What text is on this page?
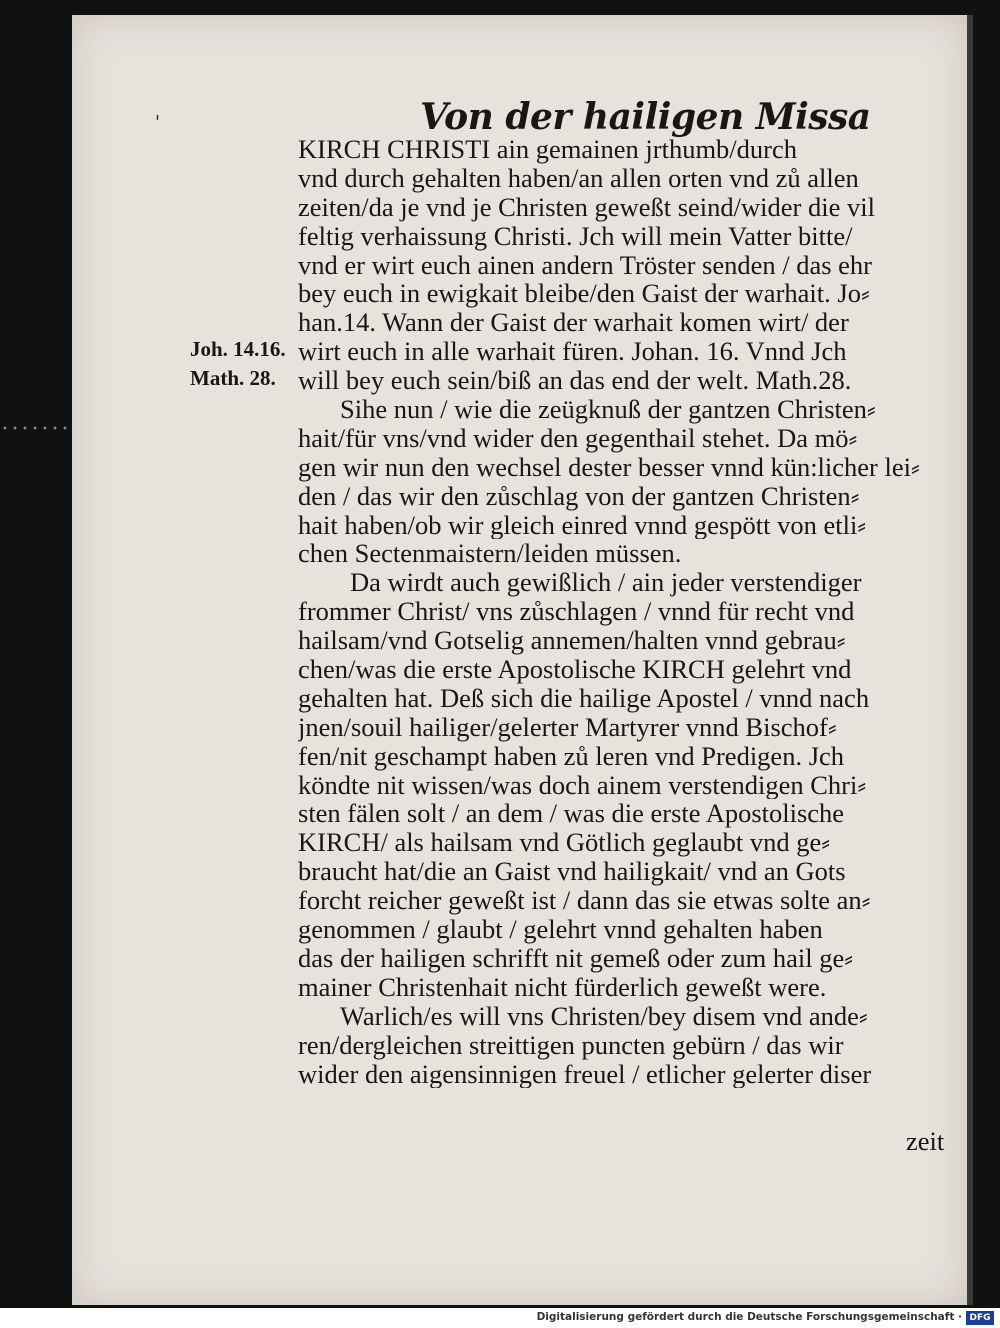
'	Von der hailigen Missa
Joh. 14.16.
Math. 28.
KIRCH CHRISTI ain gemainen jrthumb/durch
vnd durch gehalten haben/an allen orten vnd zů allen
zeiten/da je vnd je Christen geweßt seind/wider die vil
feltig verhaissung Christi. Jch will mein Vatter bitte/
vnd er wirt euch ainen andern Tröster senden / das ehr
bey euch in ewigkait bleibe/den Gaist der warhait. Jo⸗
han.14. Wann der Gaist der warhait komen wirt/ der
wirt euch in alle warhait füren. Johan. 16. Vnnd Jch
will bey euch sein/biß an das end der welt. Math.28.
Sihe nun / wie die zeügknuß der gantzen Christen⸗
hait/für vns/vnd wider den gegenthail stehet. Da mö⸗
gen wir nun den wechsel dester besser vnnd kün:licher lei⸗
den / das wir den zůschlag von der gantzen Christen⸗
hait haben/ob wir gleich einred vnnd gespött von etli⸗
chen Sectenmaistern/leiden müssen.
Da wirdt auch gewißlich / ain jeder verstendiger
frommer Christ/ vns zůschlagen / vnnd für recht vnd
hailsam/vnd Gotselig annemen/halten vnnd gebrau⸗
chen/was die erste Apostolische KIRCH gelehrt vnd
gehalten hat. Deß sich die hailige Apostel / vnnd nach
jnen/souil hailiger/gelerter Martyrer vnnd Bischof⸗
fen/nit geschampt haben zů leren vnd Predigen. Jch
köndte nit wissen/was doch ainem verstendigen Chri⸗
sten fälen solt / an dem / was die erste Apostolische
KIRCH/ als hailsam vnd Götlich geglaubt vnd ge⸗
braucht hat/die an Gaist vnd hailigkait/ vnd an Gots
forcht reicher geweßt ist / dann das sie etwas solte an⸗
genommen / glaubt / gelehrt vnnd gehalten haben
das der hailigen schrifft nit gemeß oder zum hail ge⸗
mainer Christenhait nicht fürderlich geweßt were.
Warlich/es will vns Christen/bey disem vnd ande⸗
ren/dergleichen streittigen puncten gebürn / das wir
wider den aigensinnigen freuel / etlicher gelerter diser
zeit
Digitalisierung gefördert durch die Deutsche Forschungsgemeinschaft · DFG
